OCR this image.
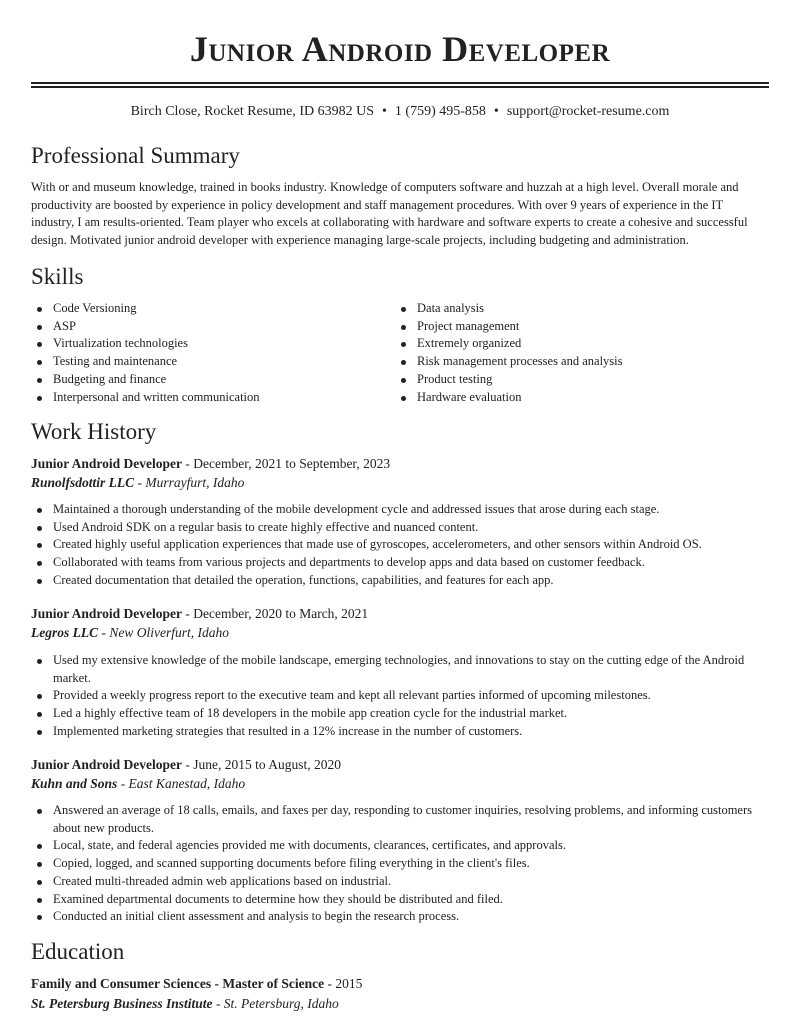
Junior Android Developer
Birch Close, Rocket Resume, ID 63982 US • 1 (759) 495-858 • support@rocket-resume.com
Professional Summary

With or and museum knowledge, trained in books industry. Knowledge of computers software and huzzah at a high level. Overall morale and productivity are boosted by experience in policy development and staff management procedures. With over 9 years of experience in the IT industry, I am results-oriented. Team player who excels at collaborating with hardware and software experts to create a cohesive and successful design. Motivated junior android developer with experience managing large-scale projects, including budgeting and administration.

Skills
Code Versioning
ASP
Virtualization technologies
Testing and maintenance
Budgeting and finance
Interpersonal and written communication
Data analysis
Project management
Extremely organized
Risk management processes and analysis
Product testing
Hardware evaluation
Work History
Junior Android Developer - December, 2021 to September, 2023
Runolfsdottir LLC - Murrayfurt, Idaho
Maintained a thorough understanding of the mobile development cycle and addressed issues that arose during each stage.
Used Android SDK on a regular basis to create highly effective and nuanced content.
Created highly useful application experiences that made use of gyroscopes, accelerometers, and other sensors within Android OS.
Collaborated with teams from various projects and departments to develop apps and data based on customer feedback.
Created documentation that detailed the operation, functions, capabilities, and features for each app.
Junior Android Developer - December, 2020 to March, 2021
Legros LLC - New Oliverfurt, Idaho
Used my extensive knowledge of the mobile landscape, emerging technologies, and innovations to stay on the cutting edge of the Android market.
Provided a weekly progress report to the executive team and kept all relevant parties informed of upcoming milestones.
Led a highly effective team of 18 developers in the mobile app creation cycle for the industrial market.
Implemented marketing strategies that resulted in a 12% increase in the number of customers.
Junior Android Developer - June, 2015 to August, 2020
Kuhn and Sons - East Kanestad, Idaho
Answered an average of 18 calls, emails, and faxes per day, responding to customer inquiries, resolving problems, and informing customers about new products.
Local, state, and federal agencies provided me with documents, clearances, certificates, and approvals.
Copied, logged, and scanned supporting documents before filing everything in the client's files.
Created multi-threaded admin web applications based on industrial.
Examined departmental documents to determine how they should be distributed and filed.
Conducted an initial client assessment and analysis to begin the research process.
Education
Family and Consumer Sciences - Master of Science - 2015
St. Petersburg Business Institute - St. Petersburg, Idaho
